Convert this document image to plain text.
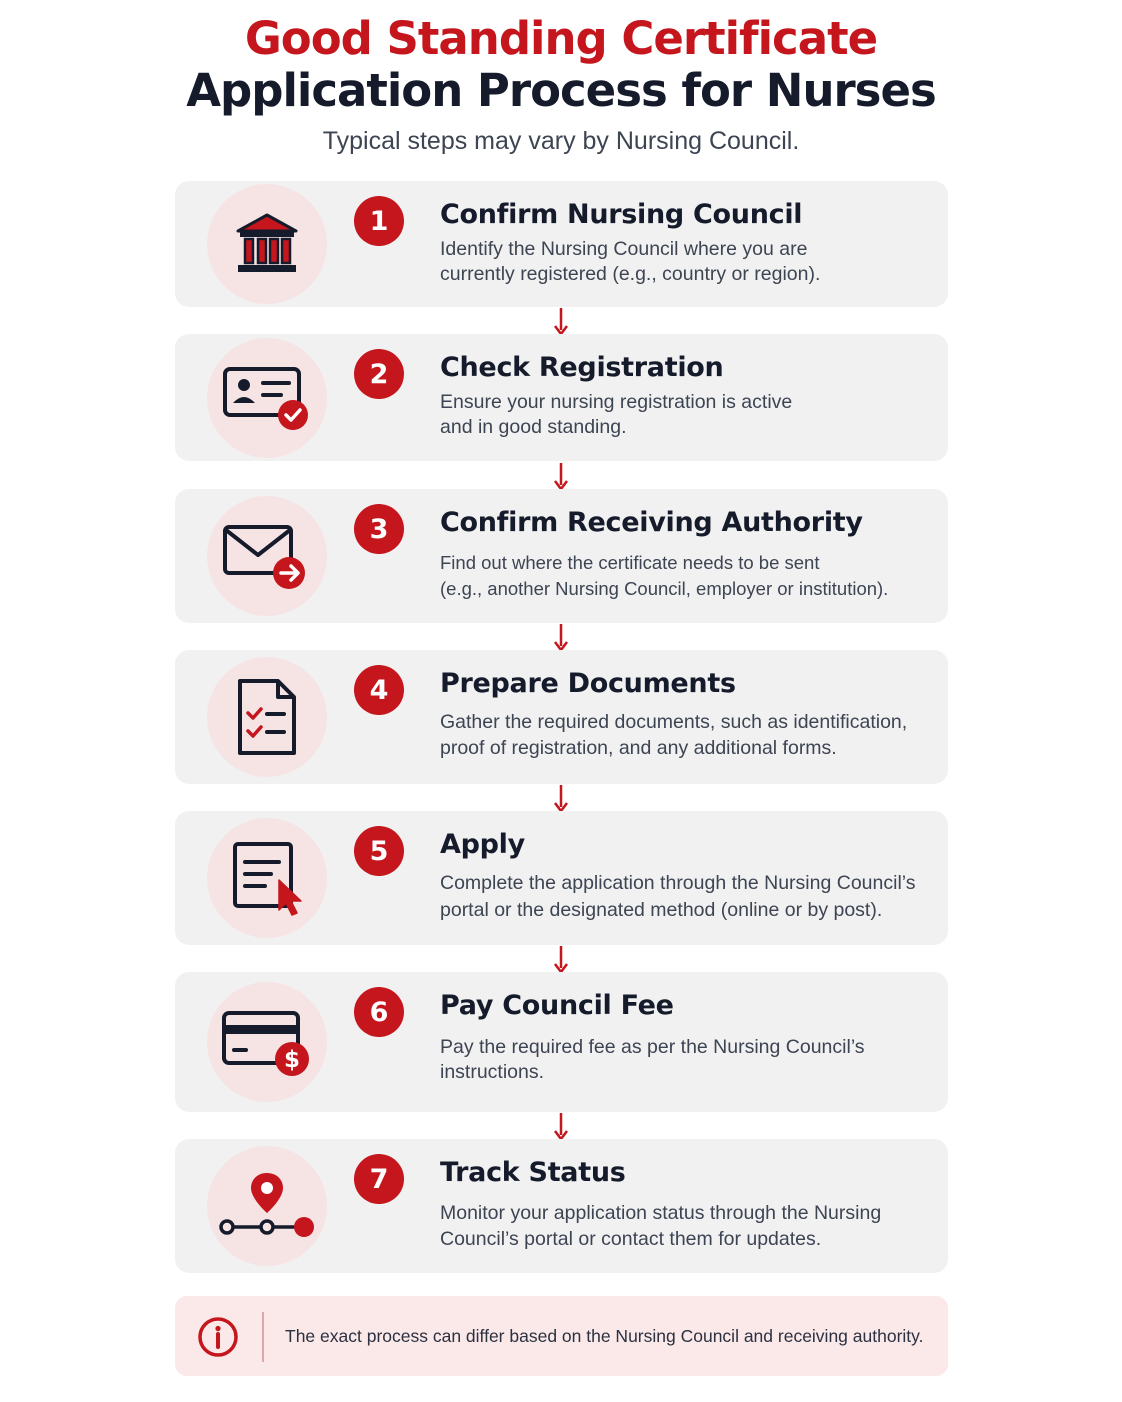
Good Standing Certificate
Application Process for Nurses
Typical steps may vary by Nursing Council.
1	Confirm Nursing Council
Identify the Nursing Council where you are
currently registered (e.g., country or region).
2	Check Registration
Ensure your nursing registration is active
and in good standing.
3	Confirm Receiving Authority
Find out where the certificate needs to be sent
(e.g., another Nursing Council, employer or institution).
4	Prepare Documents
Gather the required documents, such as identification,
proof of registration, and any additional forms.
5	Apply
Complete the application through the Nursing Council’s
portal or the designated method (online or by post).
$
6	Pay Council Fee
Pay the required fee as per the Nursing Council’s
instructions.
7	Track Status
Monitor your application status through the Nursing
Council’s portal or contact them for updates.
The exact process can differ based on the Nursing Council and receiving authority.
